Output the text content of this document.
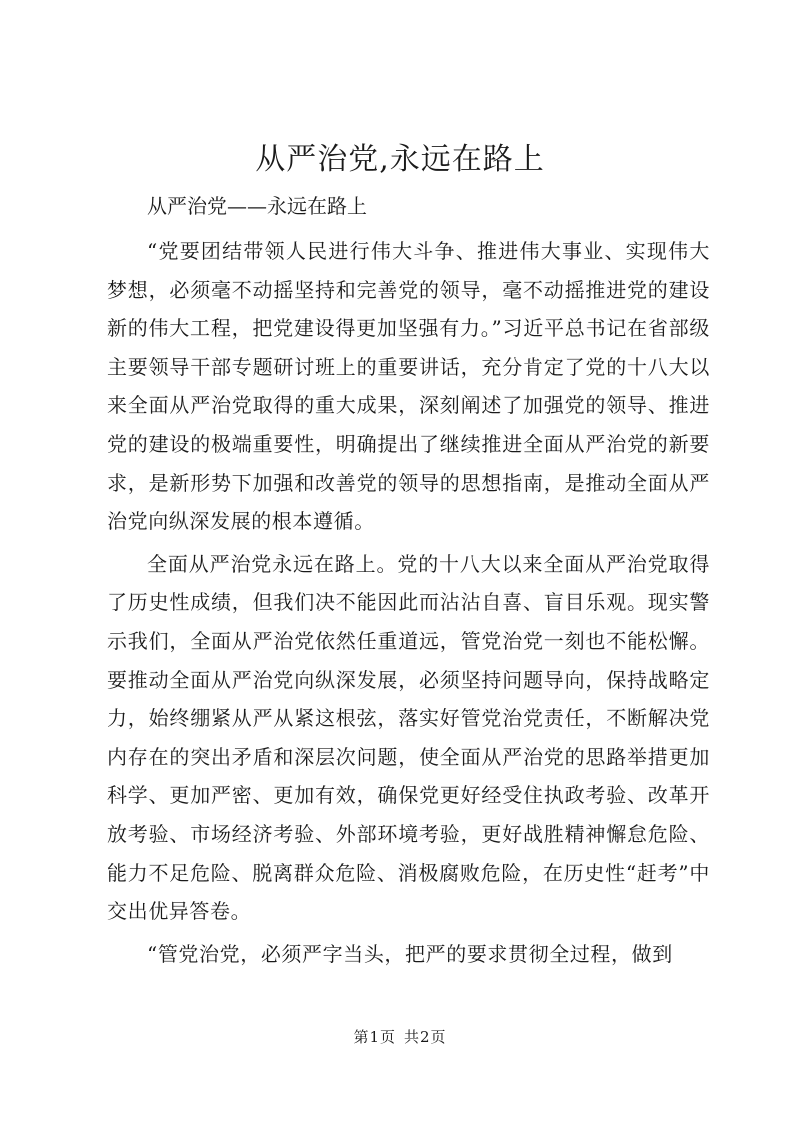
从严治党,永远在路上

从严治党——永远在路上

“党要团结带领人民进行伟大斗争、推进伟大事业、实现伟大梦想，必须毫不动摇坚持和完善党的领导，毫不动摇推进党的建设新的伟大工程，把党建设得更加坚强有力。”习近平总书记在省部级主要领导干部专题研讨班上的重要讲话，充分肯定了党的十八大以来全面从严治党取得的重大成果，深刻阐述了加强党的领导、推进党的建设的极端重要性，明确提出了继续推进全面从严治党的新要求，是新形势下加强和改善党的领导的思想指南，是推动全面从严治党向纵深发展的根本遵循。

全面从严治党永远在路上。党的十八大以来全面从严治党取得了历史性成绩，但我们决不能因此而沾沾自喜、盲目乐观。现实警示我们，全面从严治党依然任重道远，管党治党一刻也不能松懈。要推动全面从严治党向纵深发展，必须坚持问题导向，保持战略定力，始终绷紧从严从紧这根弦，落实好管党治党责任，不断解决党内存在的突出矛盾和深层次问题，使全面从严治党的思路举措更加科学、更加严密、更加有效，确保党更好经受住执政考验、改革开放考验、市场经济考验、外部环境考验，更好战胜精神懈怠危险、能力不足危险、脱离群众危险、消极腐败危险，在历史性“赶考”中交出优异答卷。

“管党治党，必须严字当头，把严的要求贯彻全过程，做到

第1页 共2页
